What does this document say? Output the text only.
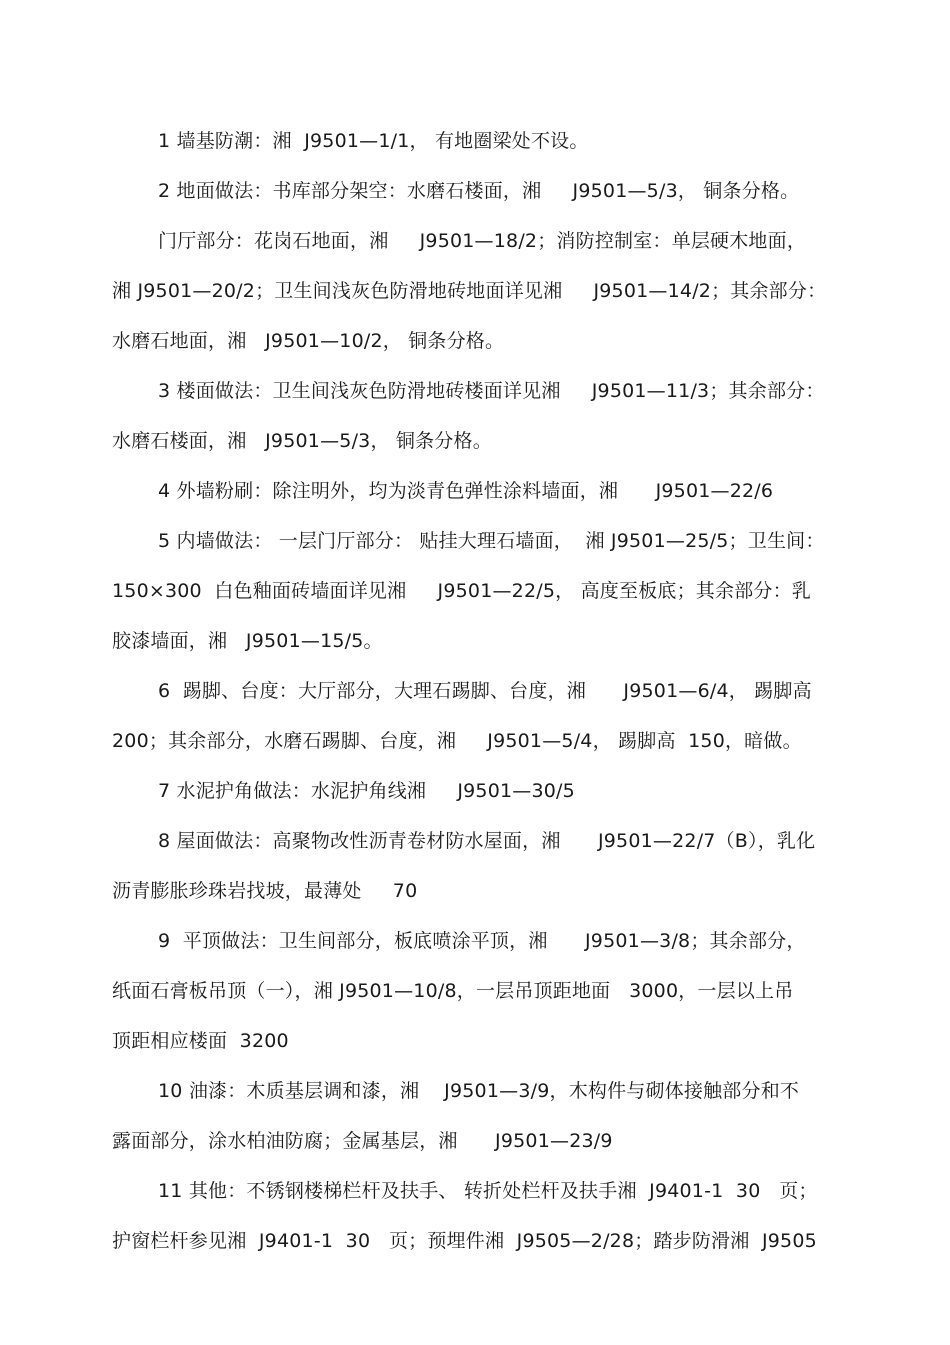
1 墙基防潮：湘  J9501—1/1， 有地圈梁处不设。
2 地面做法：书库部分架空：水磨石楼面，湘     J9501—5/3， 铜条分格。
门厅部分：花岗石地面，湘     J9501—18/2；消防控制室：单层硬木地面，
湘 J9501—20/2；卫生间浅灰色防滑地砖地面详见湘     J9501—14/2；其余部分：
水磨石地面，湘   J9501—10/2， 铜条分格。
3 楼面做法：卫生间浅灰色防滑地砖楼面详见湘     J9501—11/3；其余部分：
水磨石楼面，湘   J9501—5/3， 铜条分格。
4 外墙粉刷：除注明外，均为淡青色弹性涂料墙面，湘      J9501—22/6
5 内墙做法： 一层门厅部分： 贴挂大理石墙面，  湘 J9501—25/5；卫生间：
150×300  白色釉面砖墙面详见湘     J9501—22/5， 高度至板底；其余部分：乳
胶漆墙面，湘   J9501—15/5。
6  踢脚、台度：大厅部分，大理石踢脚、台度，湘      J9501—6/4， 踢脚高
200；其余部分，水磨石踢脚、台度，湘     J9501—5/4， 踢脚高  150，暗做。
7 水泥护角做法：水泥护角线湘     J9501—30/5
8 屋面做法：高聚物改性沥青卷材防水屋面，湘      J9501—22/7（B），乳化
沥青膨胀珍珠岩找坡，最薄处     70
9  平顶做法：卫生间部分，板底喷涂平顶，湘      J9501—3/8；其余部分，
纸面石膏板吊顶（一），湘 J9501—10/8，一层吊顶距地面   3000，一层以上吊
顶距相应楼面  3200
10 油漆：木质基层调和漆，湘    J9501—3/9，木构件与砌体接触部分和不
露面部分，涂水柏油防腐；金属基层，湘      J9501—23/9
11 其他：不锈钢楼梯栏杆及扶手、 转折处栏杆及扶手湘  J9401-1  30   页；
护窗栏杆参见湘  J9401-1  30   页；预埋件湘  J9505—2/28；踏步防滑湘  J9505
